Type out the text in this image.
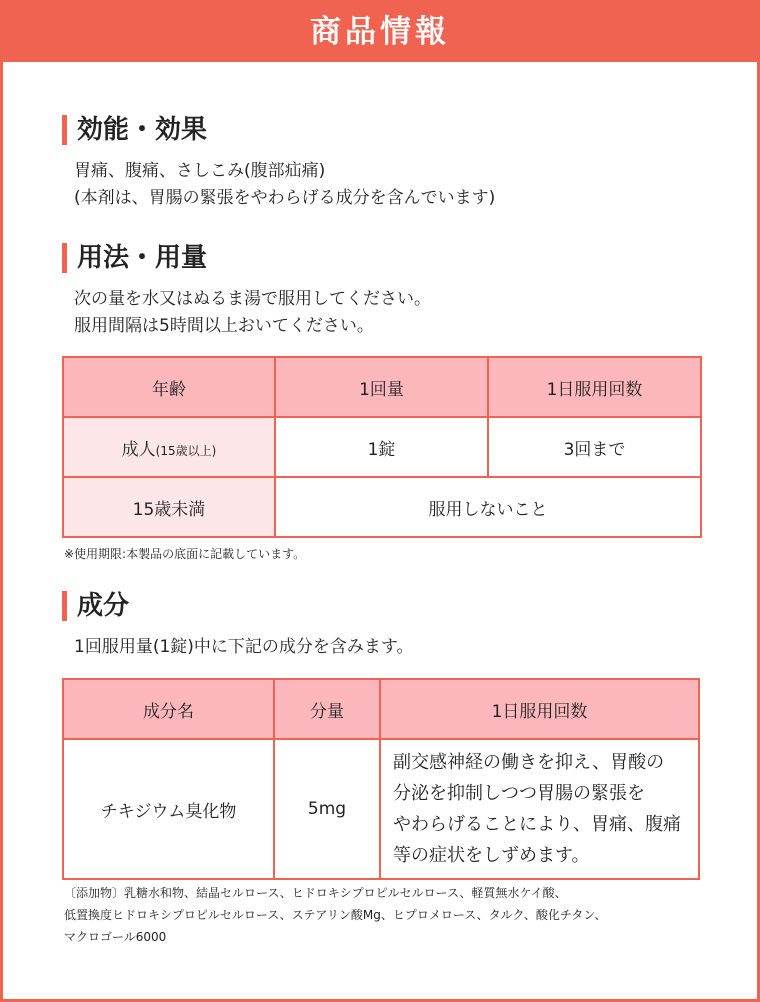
商品情報
効能・効果
胃痛、腹痛、さしこみ(腹部疝痛)
(本剤は、胃腸の緊張をやわらげる成分を含んでいます)
用法・用量
次の量を水又はぬるま湯で服用してください。
服用間隔は5時間以上おいてください。
年齢	1回量	1日服用回数
成人(15歳以上)	1錠	3回まで
15歳未満	服用しないこと	
※使用期限:本製品の底面に記載しています。
成分
1回服用量(1錠)中に下記の成分を含みます。
成分名	分量	1日服用回数
チキジウム臭化物	5mg	副交感神経の働きを抑え、胃酸の
分泌を抑制しつつ胃腸の緊張を
やわらげることにより、胃痛、腹痛
等の症状をしずめます。
〔添加物〕乳糖水和物、結晶セルロース、ヒドロキシプロピルセルロース、軽質無水ケイ酸、
低置換度ヒドロキシプロピルセルロース、ステアリン酸Mg、ヒプロメロース、タルク、酸化チタン、
マクロゴール6000
